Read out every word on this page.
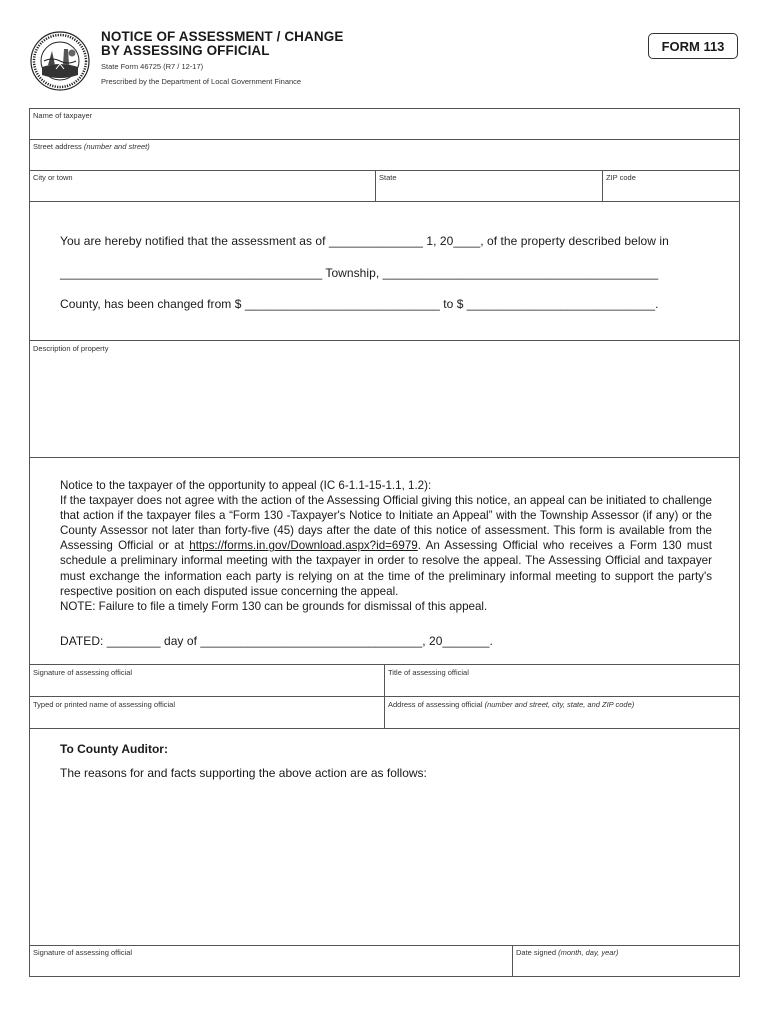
NOTICE OF ASSESSMENT / CHANGE
BY ASSESSING OFFICIAL
State Form 46725 (R7 / 12-17)
Prescribed by the Department of Local Government Finance
FORM 113
Name of taxpayer
Street address (number and street)
City or town	State	ZIP code
You are hereby notified that the assessment as of ______________ 1, 20____, of the property described below in
_______________________________________ Township, _________________________________________
County, has been changed from $ _____________________________ to $ ____________________________.
Description of property

Notice to the taxpayer of the opportunity to appeal (IC 6-1.1-15-1.1, 1.2):

If the taxpayer does not agree with the action of the Assessing Official giving this notice, an appeal can be initiated to challenge that action if the taxpayer files a “Form 130 -Taxpayer's Notice to Initiate an Appeal” with the Township Assessor (if any) or the County Assessor not later than forty-five (45) days after the date of this notice of assessment. This form is available from the Assessing Official or at https://forms.in.gov/Download.aspx?id=6979. An Assessing Official who receives a Form 130 must schedule a preliminary informal meeting with the taxpayer in order to resolve the appeal. The Assessing Official and taxpayer must exchange the information each party is relying on at the time of the preliminary informal meeting to support the party's respective position on each disputed issue concerning the appeal.

NOTE: Failure to file a timely Form 130 can be grounds for dismissal of this appeal.

DATED: ________ day of _________________________________, 20_______.
Signature of assessing official	Title of assessing official
Typed or printed name of assessing official	Address of assessing official (number and street, city, state, and ZIP code)
To County Auditor:
The reasons for and facts supporting the above action are as follows:
Signature of assessing official	Date signed (month, day, year)
